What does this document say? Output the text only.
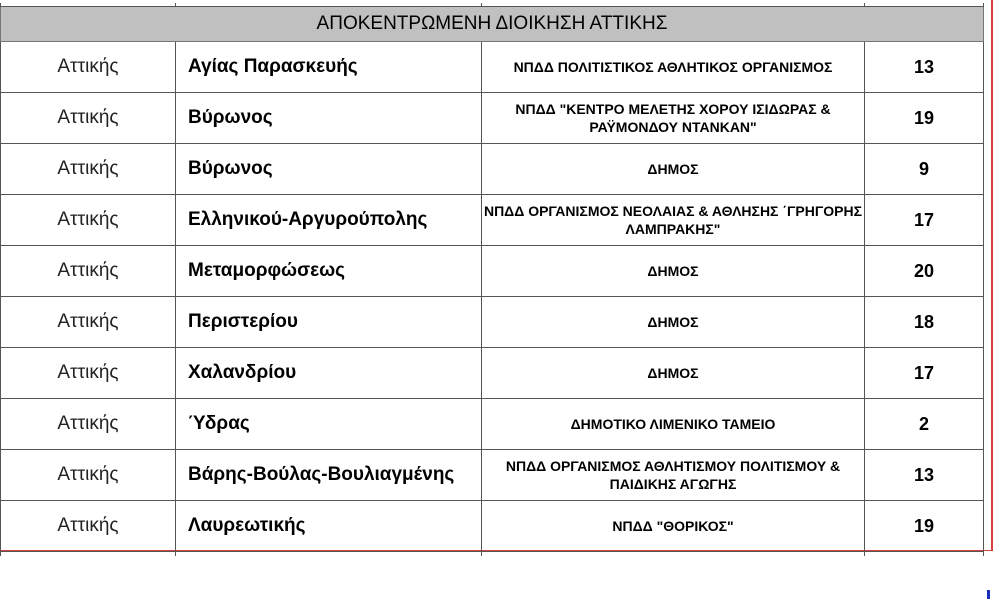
ΑΠΟΚΕΝΤΡΩΜΕΝΗ ΔΙΟΙΚΗΣΗ ΑΤΤΙΚΗΣ			
Αττικής	Αγίας Παρασκευής	ΝΠΔΔ ΠΟΛΙΤΙΣΤΙΚΟΣ ΑΘΛΗΤΙΚΟΣ ΟΡΓΑΝΙΣΜΟΣ	13
Αττικής	Βύρωνος	ΝΠΔΔ "ΚΕΝΤΡΟ ΜΕΛΕΤΗΣ ΧΟΡΟΥ ΙΣΙΔΩΡΑΣ & ΡΑΫΜΟΝΔΟΥ ΝΤΑΝΚΑΝ"	19
Αττικής	Βύρωνος	ΔΗΜΟΣ	9
Αττικής	Ελληνικού-Αργυρούπολης	ΝΠΔΔ ΟΡΓΑΝΙΣΜΟΣ ΝΕΟΛΑΙΑΣ & ΑΘΛΗΣΗΣ ΄ΓΡΗΓΟΡΗΣ ΛΑΜΠΡΑΚΗΣ"	17
Αττικής	Μεταμορφώσεως	ΔΗΜΟΣ	20
Αττικής	Περιστερίου	ΔΗΜΟΣ	18
Αττικής	Χαλανδρίου	ΔΗΜΟΣ	17
Αττικής	Ύδρας	ΔΗΜΟΤΙΚΟ ΛΙΜΕΝΙΚΟ ΤΑΜΕΙΟ	2
Αττικής	Βάρης-Βούλας-Βουλιαγμένης	ΝΠΔΔ ΟΡΓΑΝΙΣΜΟΣ ΑΘΛΗΤΙΣΜΟΥ ΠΟΛΙΤΙΣΜΟΥ & ΠΑΙΔΙΚΗΣ ΑΓΩΓΗΣ	13
Αττικής	Λαυρεωτικής	ΝΠΔΔ "ΘΟΡΙΚΟΣ"	19
